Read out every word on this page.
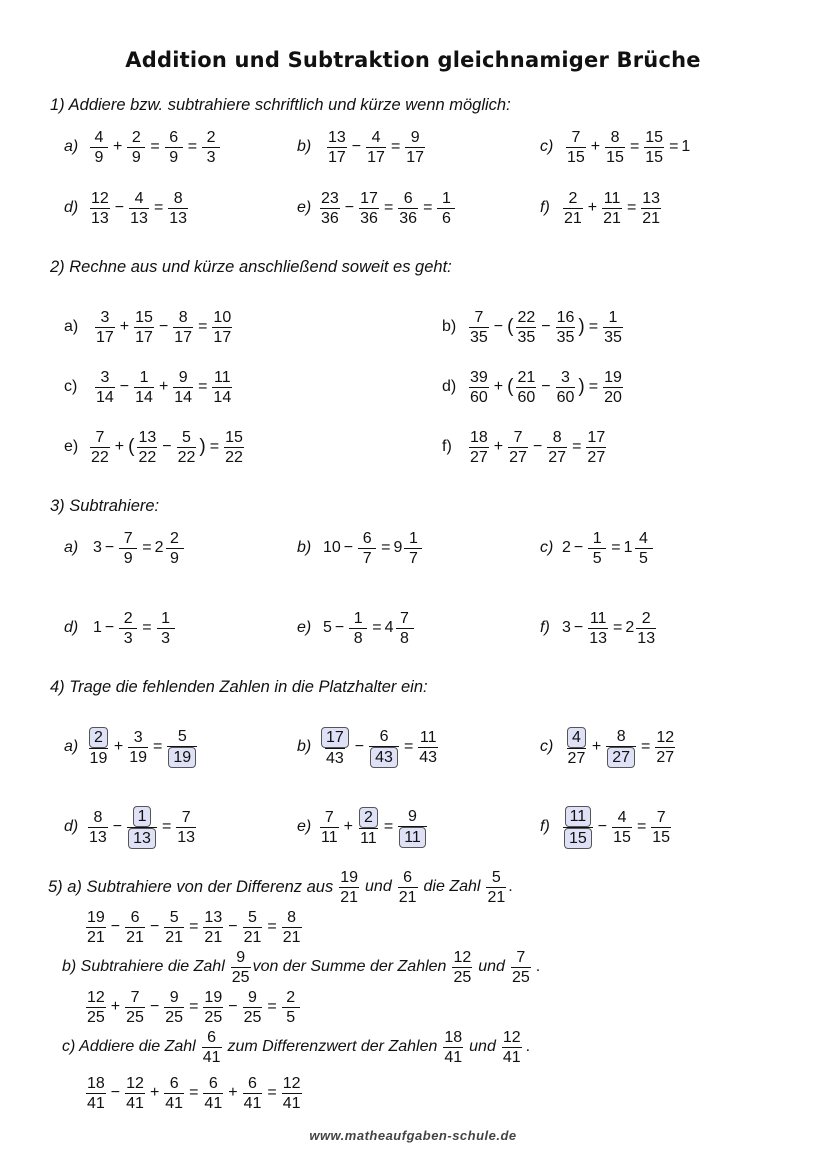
Addition und Subtraktion gleichnamiger Brüche
1) Addiere bzw. subtrahiere schriftlich und kürze wenn möglich:
$a) \frac{4}{9} + \frac{2}{9} = \frac{6}{9} = \frac{2}{3}$	$b) \frac{13}{17} - \frac{4}{17} = \frac{9}{17}$	$c) \frac{7}{15} + \frac{8}{15} = \frac{15}{15} = 1$
$d) \frac{12}{13} - \frac{4}{13} = \frac{8}{13}$	$e) \frac{23}{36} - \frac{17}{36} = \frac{6}{36} = \frac{1}{6}$	$f) \frac{2}{21} + \frac{11}{21} = \frac{13}{21}$
2) Rechne aus und kürze anschließend soweit es geht:
$a) \frac{3}{17} + \frac{15}{17} - \frac{8}{17} = \frac{10}{17}$	$b) \frac{7}{35}$ − ( $\frac{22}{35} - \frac{16}{35}$ ) = $\frac{1}{35}$
$c) \frac{3}{14} - \frac{1}{14} + \frac{9}{14} = \frac{11}{14}$	$d) \frac{39}{60}$ + ( $\frac{21}{60} - \frac{3}{60}$ ) = $\frac{19}{20}$
$e) \frac{7}{22}$ + ( $\frac{13}{22} - \frac{5}{22}$ ) = $\frac{15}{22}$	$f) \frac{18}{27} + \frac{7}{27} - \frac{8}{27} = \frac{17}{27}$
3) Subtrahiere:
a) $3 - \frac{7}{9} = 2 \frac{2}{9}$	b) $10 - \frac{6}{7} = 9 \frac{1}{7}$	c) $2 - \frac{1}{5} = 1 \frac{4}{5}$
d) $1 - \frac{2}{3} = \frac{1}{3}$	e) $5 - \frac{1}{8} = 4 \frac{7}{8}$	f) $3 - \frac{11}{13} = 2 \frac{2}{13}$
4) Trage die fehlenden Zahlen in die Platzhalter ein:
$a) \frac{2}{19} + \frac{3}{19} = \frac{5}{19}$	$b) \frac{17}{43} - \frac{6}{43} = \frac{11}{43}$	$c) \frac{4}{27} + \frac{8}{27} = \frac{12}{27}$
$d) \frac{8}{13} - \frac{1}{13} = \frac{7}{13}$	$e) \frac{7}{11} + \frac{2}{11} = \frac{9}{11}$	$f) \frac{11}{15} - \frac{4}{15} = \frac{7}{15}$
5) a) Subtrahiere von der Differenz aus $\frac{19}{21}$ und $\frac{6}{21}$ die Zahl $\frac{5}{21}$ .
$\frac{19}{21} - \frac{6}{21} - \frac{5}{21} = \frac{13}{21} - \frac{5}{21} = \frac{8}{21}$
b) Subtrahiere die Zahl $\frac{9}{25}$ von der Summe der Zahlen $\frac{12}{25}$ und $\frac{7}{25}$ .
$\frac{12}{25} + \frac{7}{25} - \frac{9}{25} = \frac{19}{25} - \frac{9}{25} = \frac{2}{5}$
c) Addiere die Zahl $\frac{6}{41}$ zum Differenzwert der Zahlen $\frac{18}{41}$ und $\frac{12}{41}$ .
$\frac{18}{41} - \frac{12}{41} + \frac{6}{41} = \frac{6}{41} + \frac{6}{41} = \frac{12}{41}$
www.matheaufgaben-schule.de
